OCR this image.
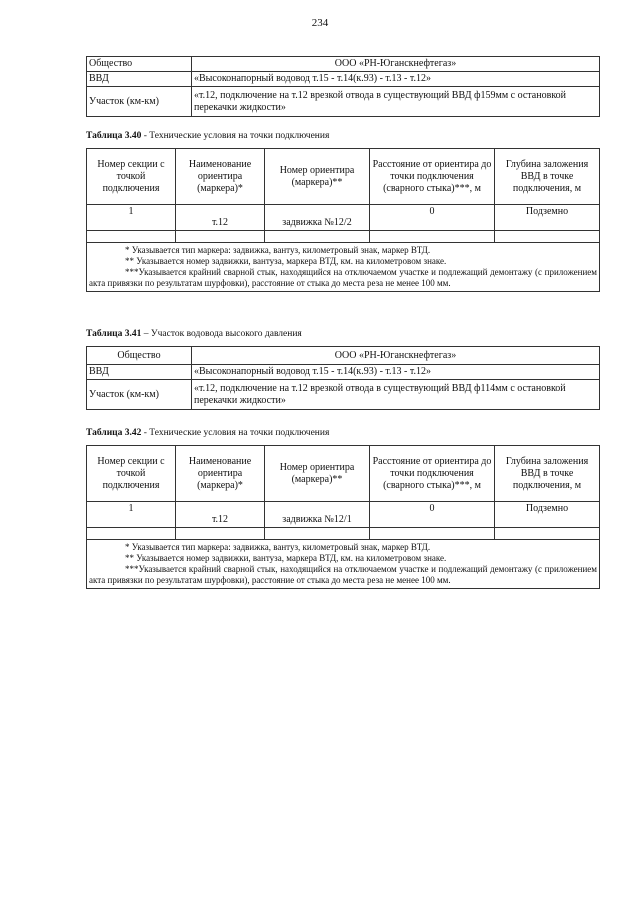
234
Общество	ООО «РН-Юганскнефтегаз»
ВВД	«Высоконапорный водовод т.15 - т.14(к.93) - т.13 - т.12»
Участок (км-км)	«т.12, подключение на т.12 врезкой отвода в существующий ВВД ф159мм с остановкой перекачки жидкости»
Таблица 3.40 - Технические условия на точки подключения
Номер секции с точкой подключения	Наименование ориентира (маркера)*	Номер ориентира (маркера)**	Расстояние от ориентира до точки подключения (сварного стыка)***, м	Глубина заложения ВВД в точке подключения, м
1	т.12	задвижка №12/2	0	Подземно

* Указывается тип маркера: задвижка, вантуз, километровый знак, маркер ВТД.

** Указывается номер задвижки, вантуза, маркера ВТД, км. на километровом знаке.

***Указывается крайний сварной стык, находящийся на отключаемом участке и подлежащий демонтажу (с приложением акта привязки по результатам шурфовки), расстояние от стыка до места реза не менее 100 мм.				

Таблица 3.41 – Участок водовода высокого давления
Общество	ООО «РН-Юганскнефтегаз»
ВВД	«Высоконапорный водовод т.15 - т.14(к.93) - т.13 - т.12»
Участок (км-км)	«т.12, подключение на т.12 врезкой отвода в существующий ВВД ф114мм с остановкой перекачки жидкости»
Таблица 3.42 - Технические условия на точки подключения
Номер секции с точкой подключения	Наименование ориентира (маркера)*	Номер ориентира (маркера)**	Расстояние от ориентира до точки подключения (сварного стыка)***, м	Глубина заложения ВВД в точке подключения, м
1	т.12	задвижка №12/1	0	Подземно

* Указывается тип маркера: задвижка, вантуз, километровый знак, маркер ВТД.

** Указывается номер задвижки, вантуза, маркера ВТД, км. на километровом знаке.

***Указывается крайний сварной стык, находящийся на отключаемом участке и подлежащий демонтажу (с приложением акта привязки по результатам шурфовки), расстояние от стыка до места реза не менее 100 мм.				
